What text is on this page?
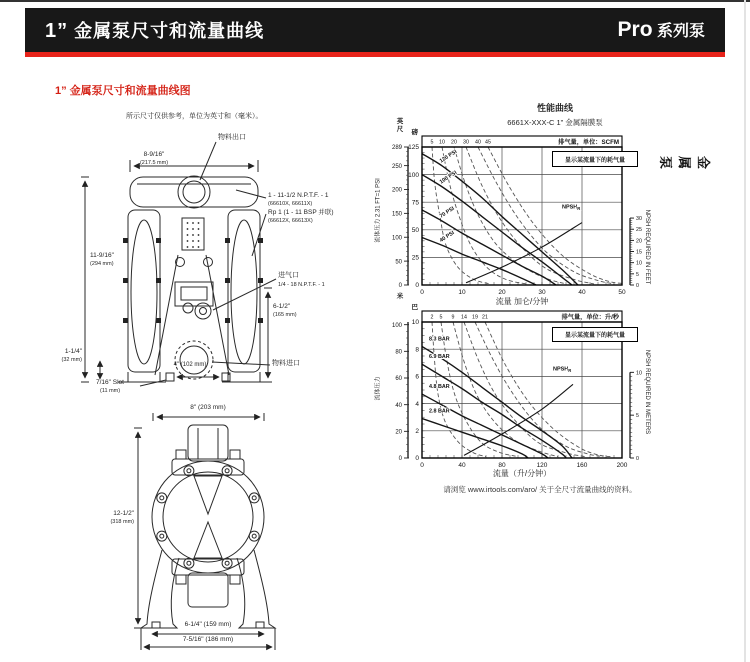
1” 金属泵尺寸和流量曲线	Pro 系列泵
1” 金属泵尺寸和流量曲线图
金属泵
所示尺寸仅供参考，单位为英寸和（毫米）。
物料出口
8-9/16"
(217.5 mm)
1 - 11-1/2 N.P.T.F. - 1
(66610X, 66611X)
Rp 1 (1 - 11 BSP 并联)
(66612X, 66613X)
11-9/16"
(294 mm)
进气口
1/4 - 18 N.P.T.F. - 1
6-1/2"
(165 mm)
1-1/4"
(32 mm)
4" (102 mm)
7/16" Slot
(11 mm)
物料进口
8" (203 mm)
12-1/2"
(318 mm)
6-1/4" (159 mm)
7-5/16" (186 mm)
性能曲线
6661X-XXX-C 1” 金属隔膜泵
0	10	20	30	40	50
0
25
50
75
100
125
0
50
100
150
200
250
289
英
尺 磅
5 10 20 30 40 45	排气量，单位：SCFM
120 PSI
100 PSI
70 PSI
40 PSI
$NPSH_R$
0
5
10
15
20
25
30
0	40	80	120	160	200
0
2
4
6
8
10
0
20
40
60
80
100
米
巴
2 5 9 14 19 21	排气量，单位：升/秒
8.3 BAR
6.9 BAR
4.8 BAR
2.8 BAR
$NPSH_R$
0
5
10
显示某流量下的耗气量
显示某流量下的耗气量
流量 加仑/分钟
流量（升/分钟）
流体压力 2.31 FT=1 PSI
流体压力
NPSH REQUIRED IN FEET
NPSH REQUIRED IN METERS
请浏览 www.irtools.com/aro/ 关于全尺寸流量曲线的资料。
